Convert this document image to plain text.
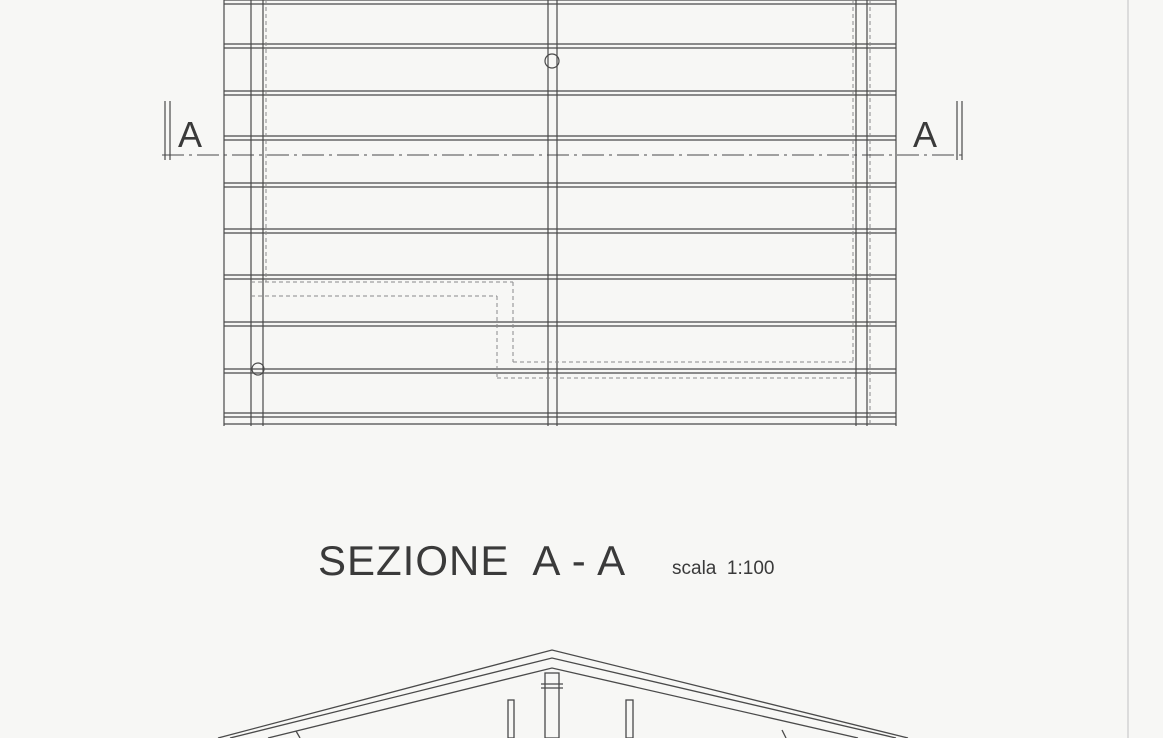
A	A
SEZIONE  A - A scala  1:100
